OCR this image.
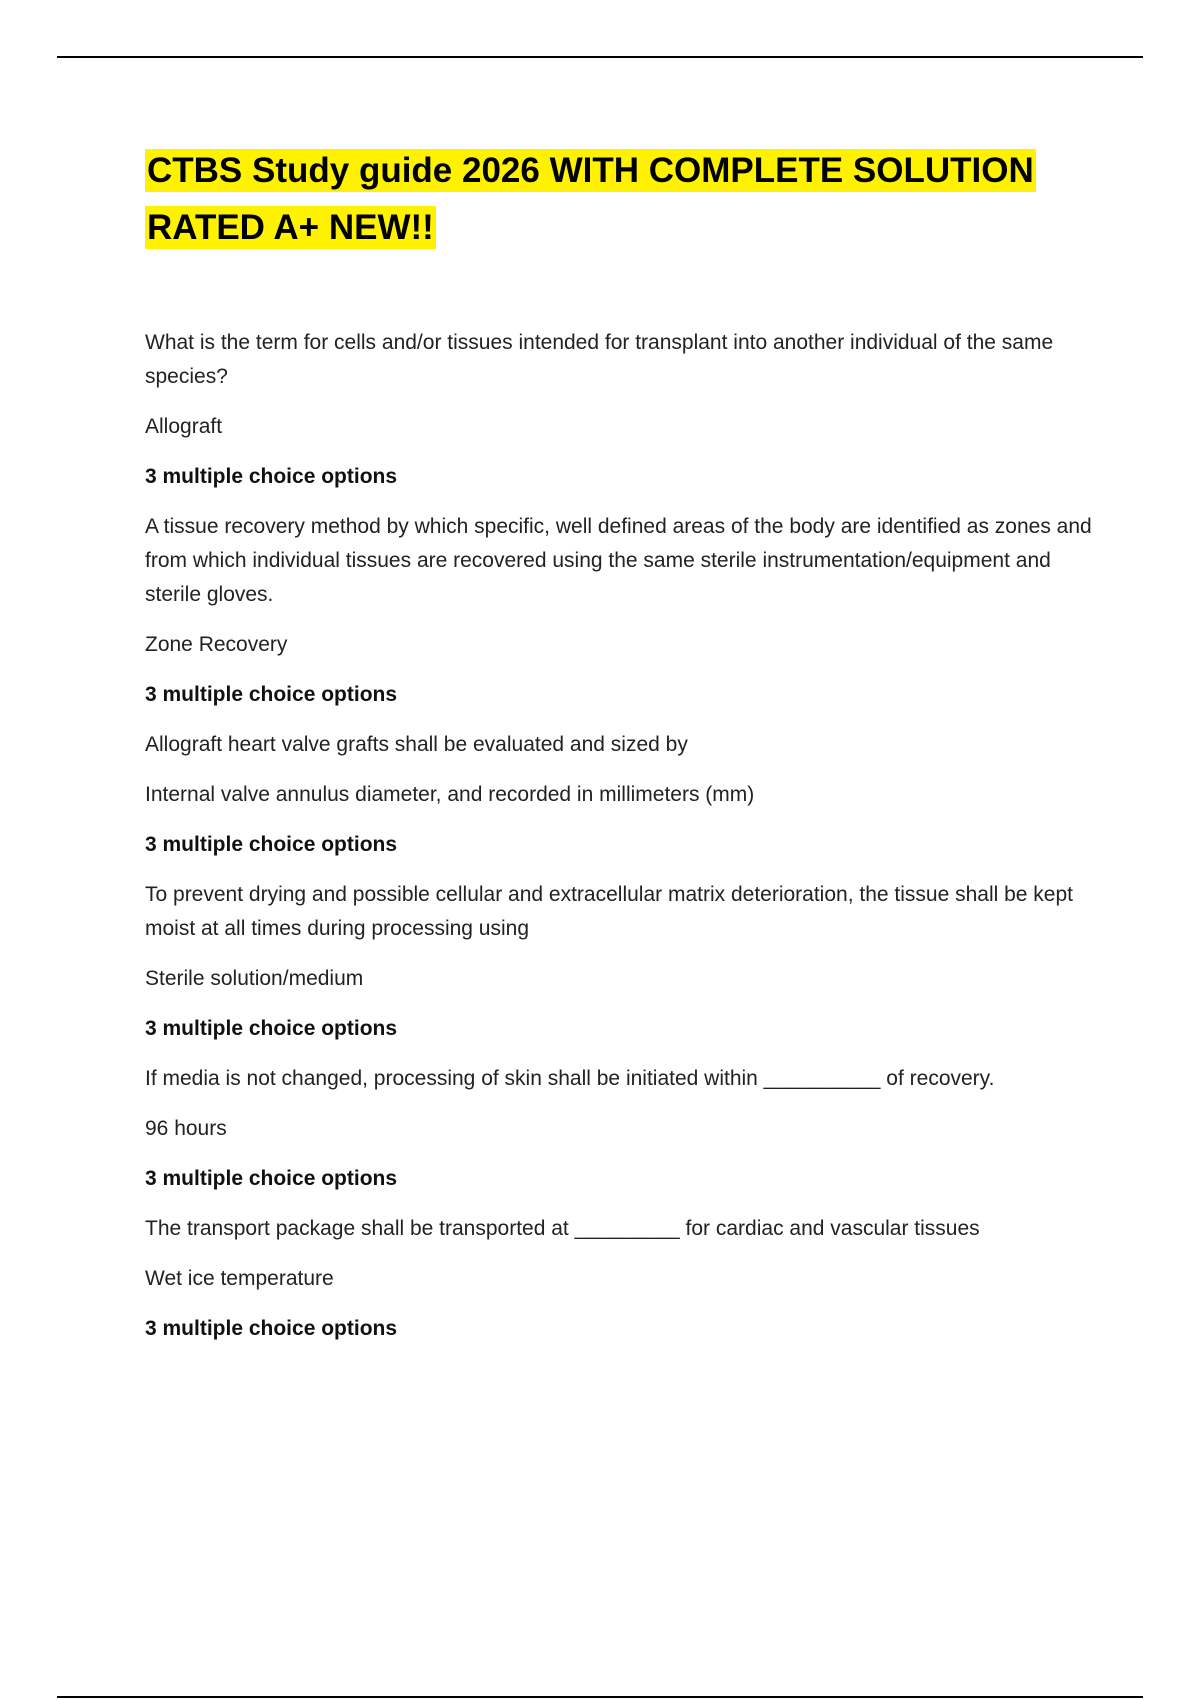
CTBS Study guide 2026 WITH COMPLETE SOLUTION
RATED A+ NEW!!

What is the term for cells and/or tissues intended for transplant into another individual of the same species?

Allograft

3 multiple choice options

A tissue recovery method by which specific, well defined areas of the body are identified as zones and from which individual tissues are recovered using the same sterile instrumentation/equipment and sterile gloves.

Zone Recovery

3 multiple choice options

Allograft heart valve grafts shall be evaluated and sized by

Internal valve annulus diameter, and recorded in millimeters (mm)

3 multiple choice options

To prevent drying and possible cellular and extracellular matrix deterioration, the tissue shall be kept moist at all times during processing using

Sterile solution/medium

3 multiple choice options

If media is not changed, processing of skin shall be initiated within __________ of recovery.

96 hours

3 multiple choice options

The transport package shall be transported at _________ for cardiac and vascular tissues

Wet ice temperature

3 multiple choice options
